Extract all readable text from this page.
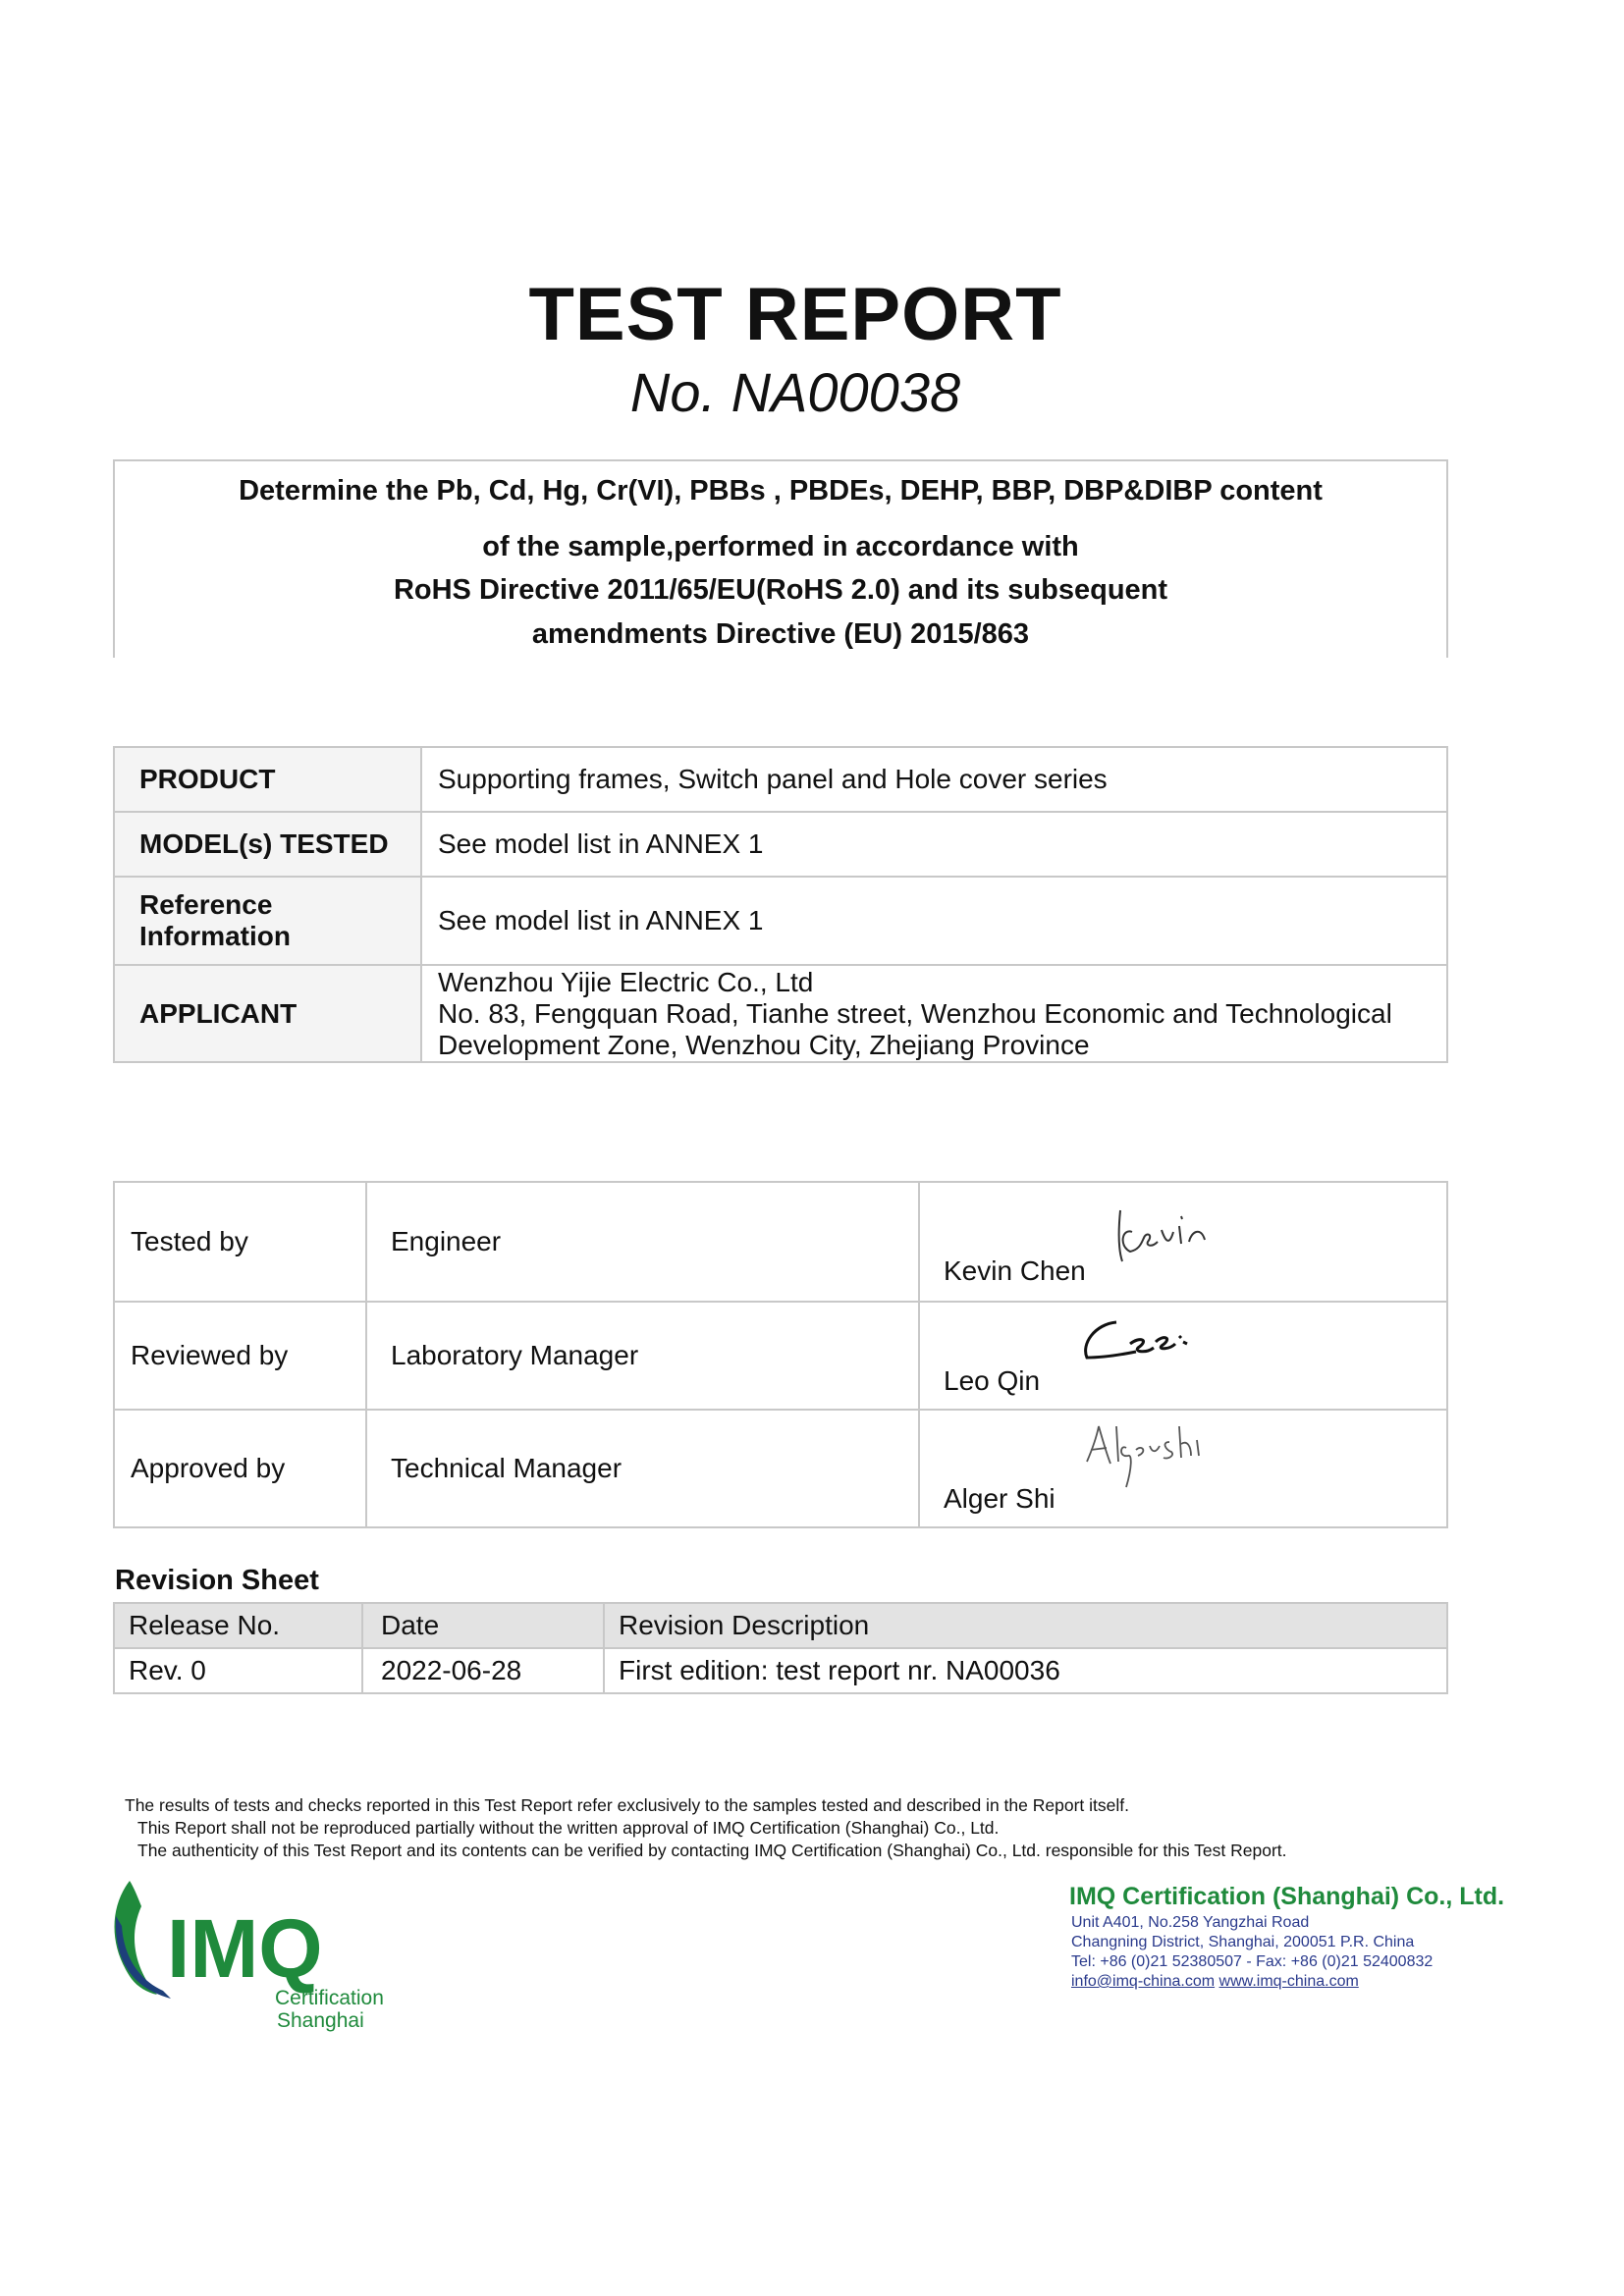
TEST REPORT
No. NA00038
Determine the Pb, Cd, Hg, Cr(VI), PBBs , PBDEs, DEHP, BBP, DBP&DIBP content
of the sample,performed in accordance with
RoHS Directive 2011/65/EU(RoHS 2.0) and its subsequent
amendments Directive (EU) 2015/863
PRODUCT	Supporting frames, Switch panel and Hole cover series
MODEL(s) TESTED	See model list in ANNEX 1

Reference
Information	See model list in ANNEX 1
APPLICANT	Wenzhou Yijie Electric Co., Ltd
No. 83, Fengquan Road, Tianhe street, Wenzhou Economic and Technological
Development Zone, Wenzhou City, Zhejiang Province
Tested by	Engineer	Kevin Chen

Reviewed by	Laboratory Manager	Leo Qin

Approved by	Technical Manager	Alger Shi
Revision Sheet
Release No.	Date	Revision Description
Rev. 0	2022-06-28	First edition: test report nr. NA00036
The results of tests and checks reported in this Test Report refer exclusively to the samples tested and described in the Report itself.
This Report shall not be reproduced partially without the written approval of IMQ Certification (Shanghai) Co., Ltd.
The authenticity of this Test Report and its contents can be verified by contacting IMQ Certification (Shanghai) Co., Ltd. responsible for this Test Report.
IMQ
Certification
Shanghai
IMQ Certification (Shanghai) Co., Ltd.
Unit A401, No.258 Yangzhai Road
Changning District, Shanghai, 200051 P.R. China
Tel: +86 (0)21 52380507 - Fax: +86 (0)21 52400832
info@imq-china.com www.imq-china.com
